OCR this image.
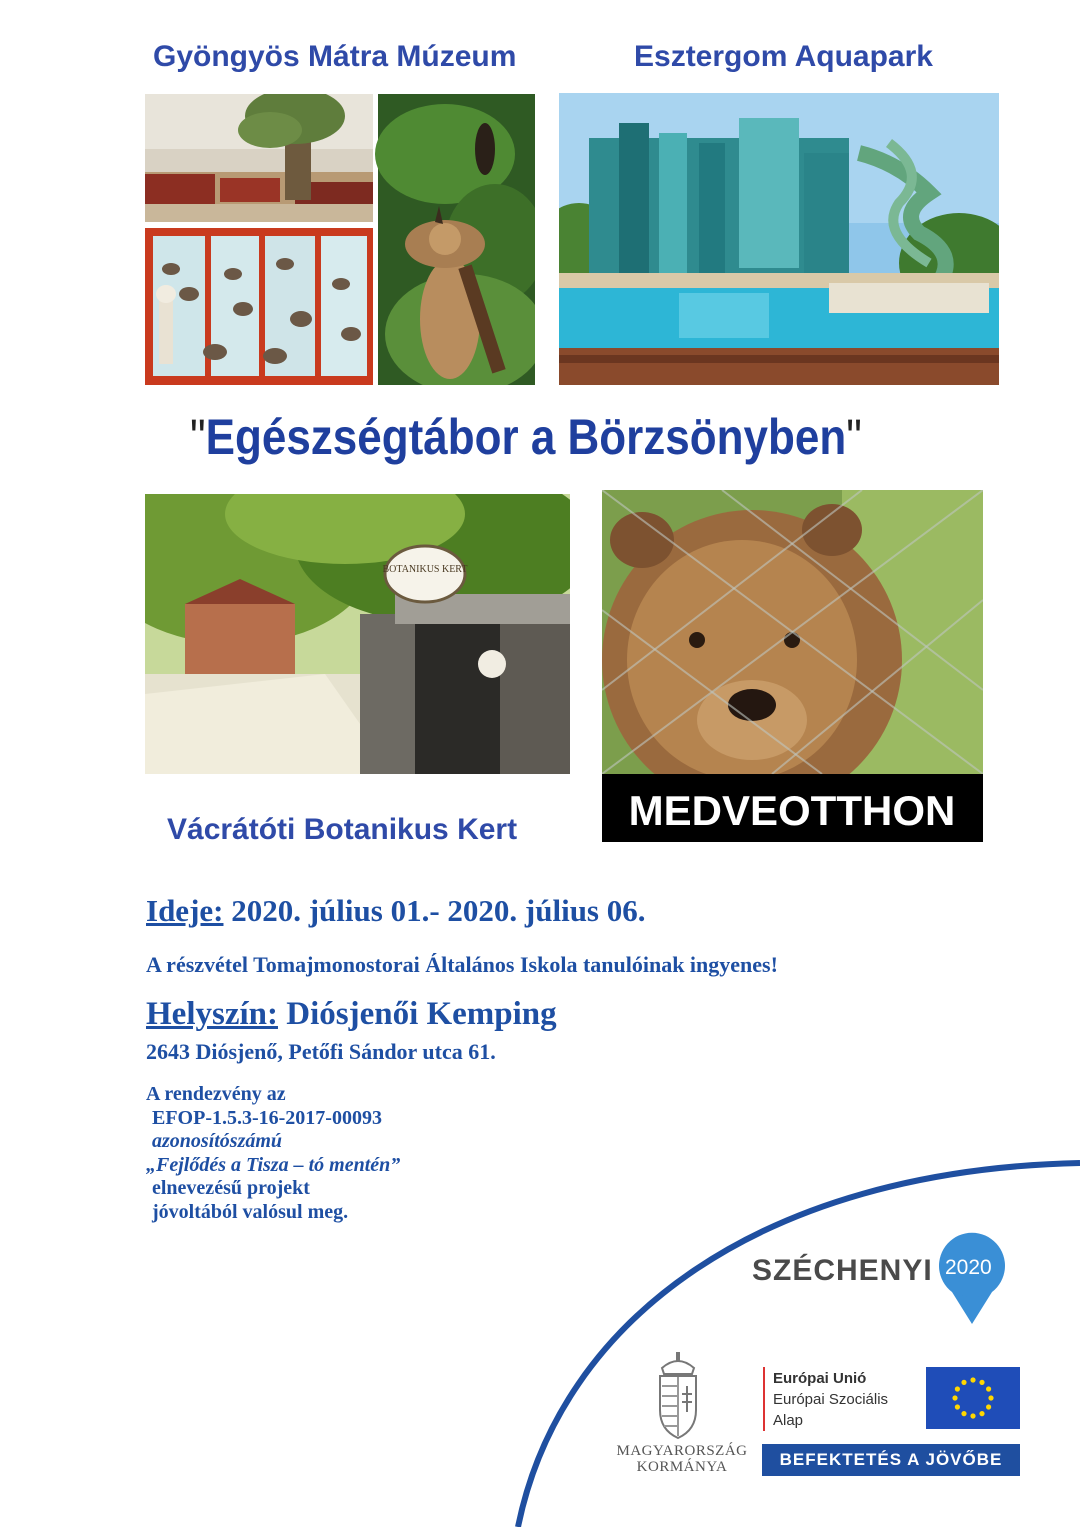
Gyöngyös Mátra Múzeum	Esztergom Aquapark
"Egészségtábor a Börzsönyben"
BOTANIKUS KERT
MEDVEOTTHON
Vácrátóti Botanikus Kert
Ideje: 2020. július 01.- 2020. július 06.
A részvétel Tomajmonostorai Általános Iskola tanulóinak ingyenes!
Helyszín: Diósjenői Kemping
2643 Diósjenő, Petőfi Sándor utca 61.
A rendezvény az
EFOP-1.5.3-16-2017-00093
azonosítószámú
„Fejlődés a Tisza – tó mentén”
elnevezésű projekt
jóvoltából valósul meg.
SZÉCHENYI 2020
MAGYARORSZÁG
KORMÁNYA
Európai Unió
Európai Szociális
Alap
BEFEKTETÉS A JÖVŐBE
